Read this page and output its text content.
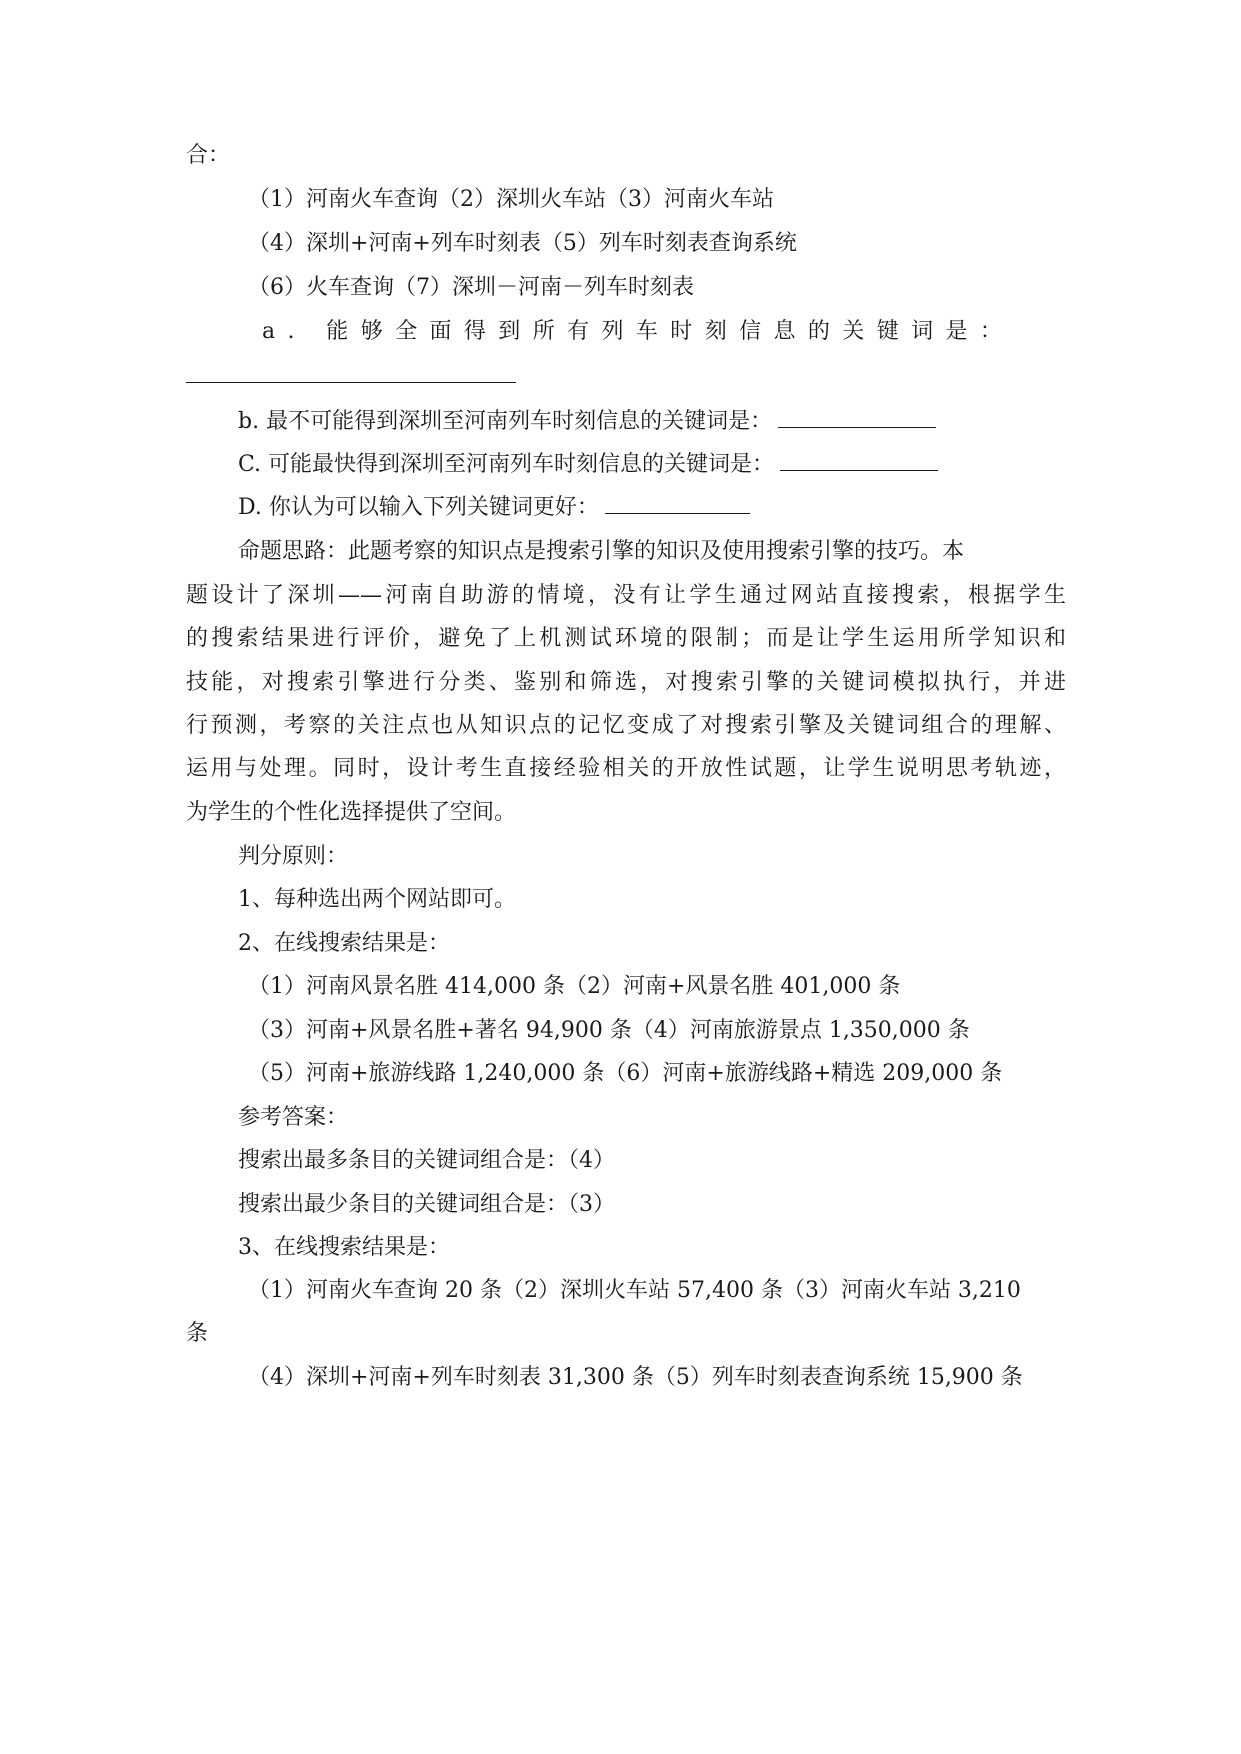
合：
（1）河南火车查询（2）深圳火车站（3）河南火车站
（4）深圳+河南+列车时刻表（5）列车时刻表查询系统
（6）火车查询（7）深圳－河南－列车时刻表
a. 能够全面得到所有列车时刻信息的关键词是：
b. 最不可能得到深圳至河南列车时刻信息的关键词是：
C. 可能最快得到深圳至河南列车时刻信息的关键词是：
D. 你认为可以输入下列关键词更好：
命题思路：此题考察的知识点是搜索引擎的知识及使用搜索引擎的技巧。本
题设计了深圳——河南自助游的情境，没有让学生通过网站直接搜索，根据学生
的搜索结果进行评价，避免了上机测试环境的限制；而是让学生运用所学知识和
技能，对搜索引擎进行分类、鉴别和筛选，对搜索引擎的关键词模拟执行，并进
行预测，考察的关注点也从知识点的记忆变成了对搜索引擎及关键词组合的理解、
运用与处理。同时，设计考生直接经验相关的开放性试题，让学生说明思考轨迹，
为学生的个性化选择提供了空间。
判分原则：
1、每种选出两个网站即可。
2、在线搜索结果是：
（1）河南风景名胜 414,000 条（2）河南+风景名胜 401,000 条
（3）河南+风景名胜+著名 94,900 条（4）河南旅游景点 1,350,000 条
（5）河南+旅游线路 1,240,000 条（6）河南+旅游线路+精选 209,000 条
参考答案：
搜索出最多条目的关键词组合是：（4）
搜索出最少条目的关键词组合是：（3）
3、在线搜索结果是：
（1）河南火车查询 20 条（2）深圳火车站 57,400 条（3）河南火车站 3,210
条
（4）深圳+河南+列车时刻表 31,300 条（5）列车时刻表查询系统 15,900 条
